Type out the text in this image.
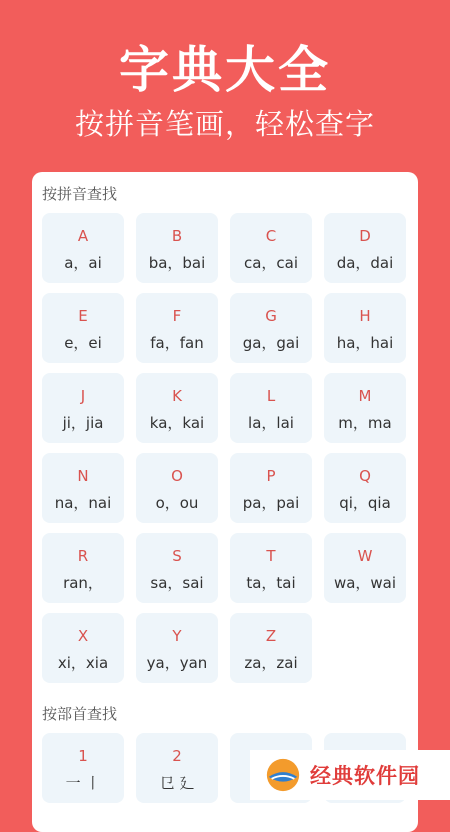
字典大全
按拼音笔画，轻松查字
按拼音查找
A
a，ai
B
ba，bai
C
ca，cai
D
da，dai
E
e，ei
F
fa，fan
G
ga，gai
H
ha，hai
J
ji，jia
K
ka，kai
L
la，lai
M
m，ma
N
na，nai
O
o，ou
P
pa，pai
Q
qi，qia
R
ran，
S
sa，sai
T
ta，tai
W
wa，wai
X
xi，xia
Y
ya，yan
Z
za，zai
按部首查找
1
一 丨
2
㔾 廴	经典软件园
